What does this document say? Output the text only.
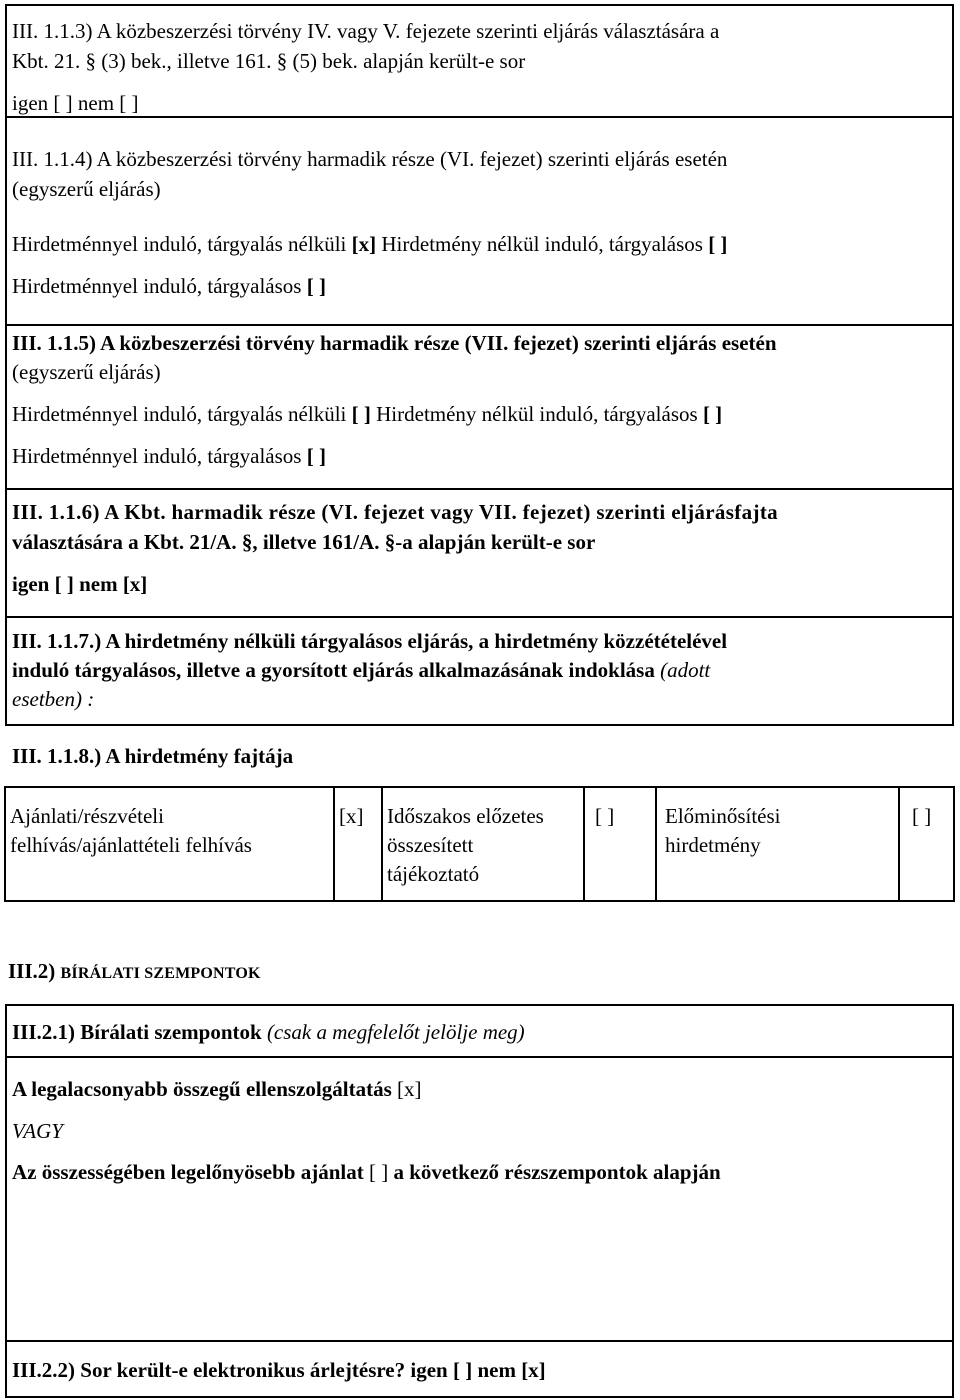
III. 1.1.3) A közbeszerzési törvény IV. vagy V. fejezete szerinti eljárás választására a
Kbt. 21. § (3) bek., illetve 161. § (5) bek. alapján került-e sor
igen [ ] nem [ ]
III. 1.1.4) A közbeszerzési törvény harmadik része (VI. fejezet) szerinti eljárás esetén
(egyszerű eljárás)
Hirdetménnyel induló, tárgyalás nélküli [x] Hirdetmény nélkül induló, tárgyalásos [ ]
Hirdetménnyel induló, tárgyalásos [ ]
III. 1.1.5) A közbeszerzési törvény harmadik része (VII. fejezet) szerinti eljárás esetén
(egyszerű eljárás)
Hirdetménnyel induló, tárgyalás nélküli [ ] Hirdetmény nélkül induló, tárgyalásos [ ]
Hirdetménnyel induló, tárgyalásos [ ]
III. 1.1.6) A Kbt. harmadik része (VI. fejezet vagy VII. fejezet) szerinti eljárásfajta
választására a Kbt. 21/A. §, illetve 161/A. §-a alapján került-e sor
igen [ ] nem [x]
III. 1.1.7.) A hirdetmény nélküli tárgyalásos eljárás, a hirdetmény közzétételével
induló tárgyalásos, illetve a gyorsított eljárás alkalmazásának indoklása (adott
esetben) :
III. 1.1.8.) A hirdetmény fajtája
Ajánlati/részvételi
felhívás/ajánlattételi felhívás
[x] Időszakos előzetes
összesített
tájékoztató
[ ] Előminősítési
hirdetmény
[ ]
III.2) BÍRÁLATI SZEMPONTOK
III.2.1) Bírálati szempontok (csak a megfelelőt jelölje meg)
A legalacsonyabb összegű ellenszolgáltatás [x]
VAGY
Az összességében legelőnyösebb ajánlat [ ] a következő részszempontok alapján
III.2.2) Sor került-e elektronikus árlejtésre? igen [ ] nem [x]
